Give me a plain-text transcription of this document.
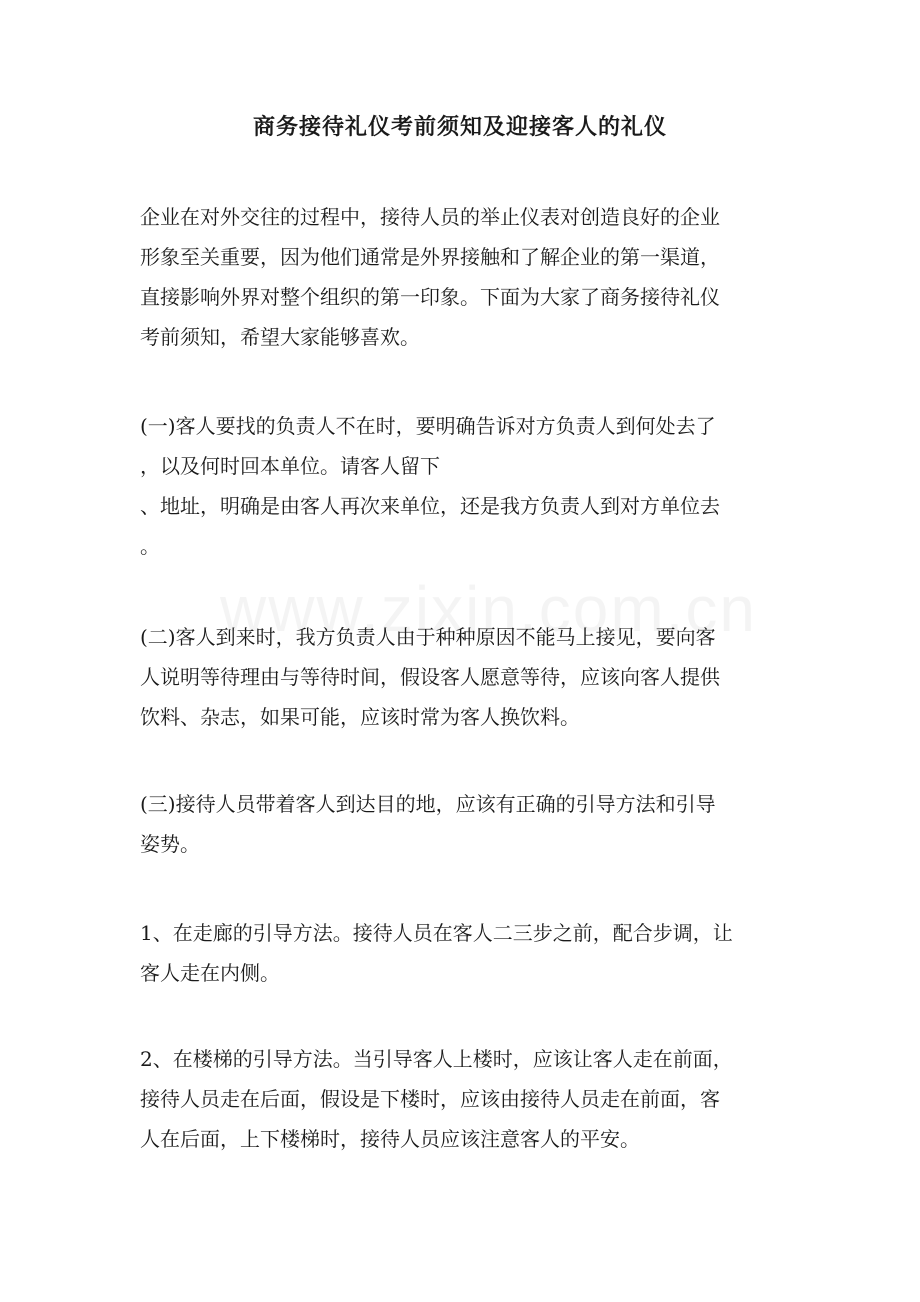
商务接待礼仪考前须知及迎接客人的礼仪

企业在对外交往的过程中，接待人员的举止仪表对创造良好的企业
形象至关重要，因为他们通常是外界接触和了解企业的第一渠道，
直接影响外界对整个组织的第一印象。下面为大家了商务接待礼仪
考前须知，希望大家能够喜欢。

(一)客人要找的负责人不在时，要明确告诉对方负责人到何处去了
，以及何时回本单位。请客人留下
、地址，明确是由客人再次来单位，还是我方负责人到对方单位去
。

(二)客人到来时，我方负责人由于种种原因不能马上接见，要向客
人说明等待理由与等待时间，假设客人愿意等待，应该向客人提供
饮料、杂志，如果可能，应该时常为客人换饮料。

(三)接待人员带着客人到达目的地，应该有正确的引导方法和引导
姿势。

1、在走廊的引导方法。接待人员在客人二三步之前，配合步调，让
客人走在内侧。

2、在楼梯的引导方法。当引导客人上楼时，应该让客人走在前面，
接待人员走在后面，假设是下楼时，应该由接待人员走在前面，客
人在后面，上下楼梯时，接待人员应该注意客人的平安。
